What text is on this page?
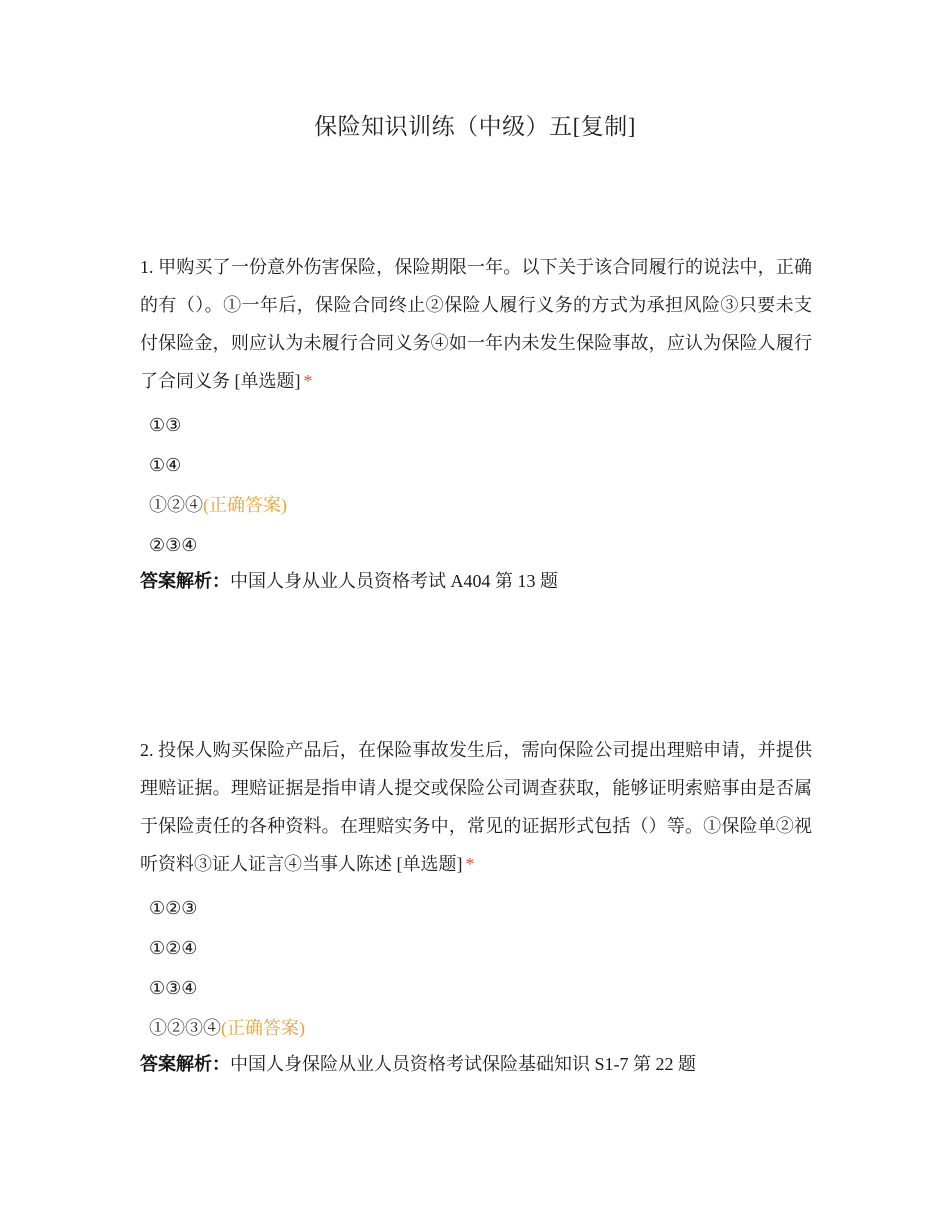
保险知识训练（中级）五[复制]

1. 甲购买了一份意外伤害保险，保险期限一年。以下关于该合同履行的说法中，正确的有（）。①一年后，保险合同终止②保险人履行义务的方式为承担风险③只要未支付保险金，则应认为未履行合同义务④如一年内未发生保险事故，应认为保险人履行了合同义务 [单选题] *

①③
①④
①②④(正确答案)
②③④
答案解析：中国人身从业人员资格考试 A404 第 13 题

2. 投保人购买保险产品后，在保险事故发生后，需向保险公司提出理赔申请，并提供理赔证据。理赔证据是指申请人提交或保险公司调查获取，能够证明索赔事由是否属于保险责任的各种资料。在理赔实务中，常见的证据形式包括（）等。①保险单②视听资料③证人证言④当事人陈述 [单选题] *

①②③
①②④
①③④
①②③④(正确答案)
答案解析：中国人身保险从业人员资格考试保险基础知识 S1-7 第 22 题
